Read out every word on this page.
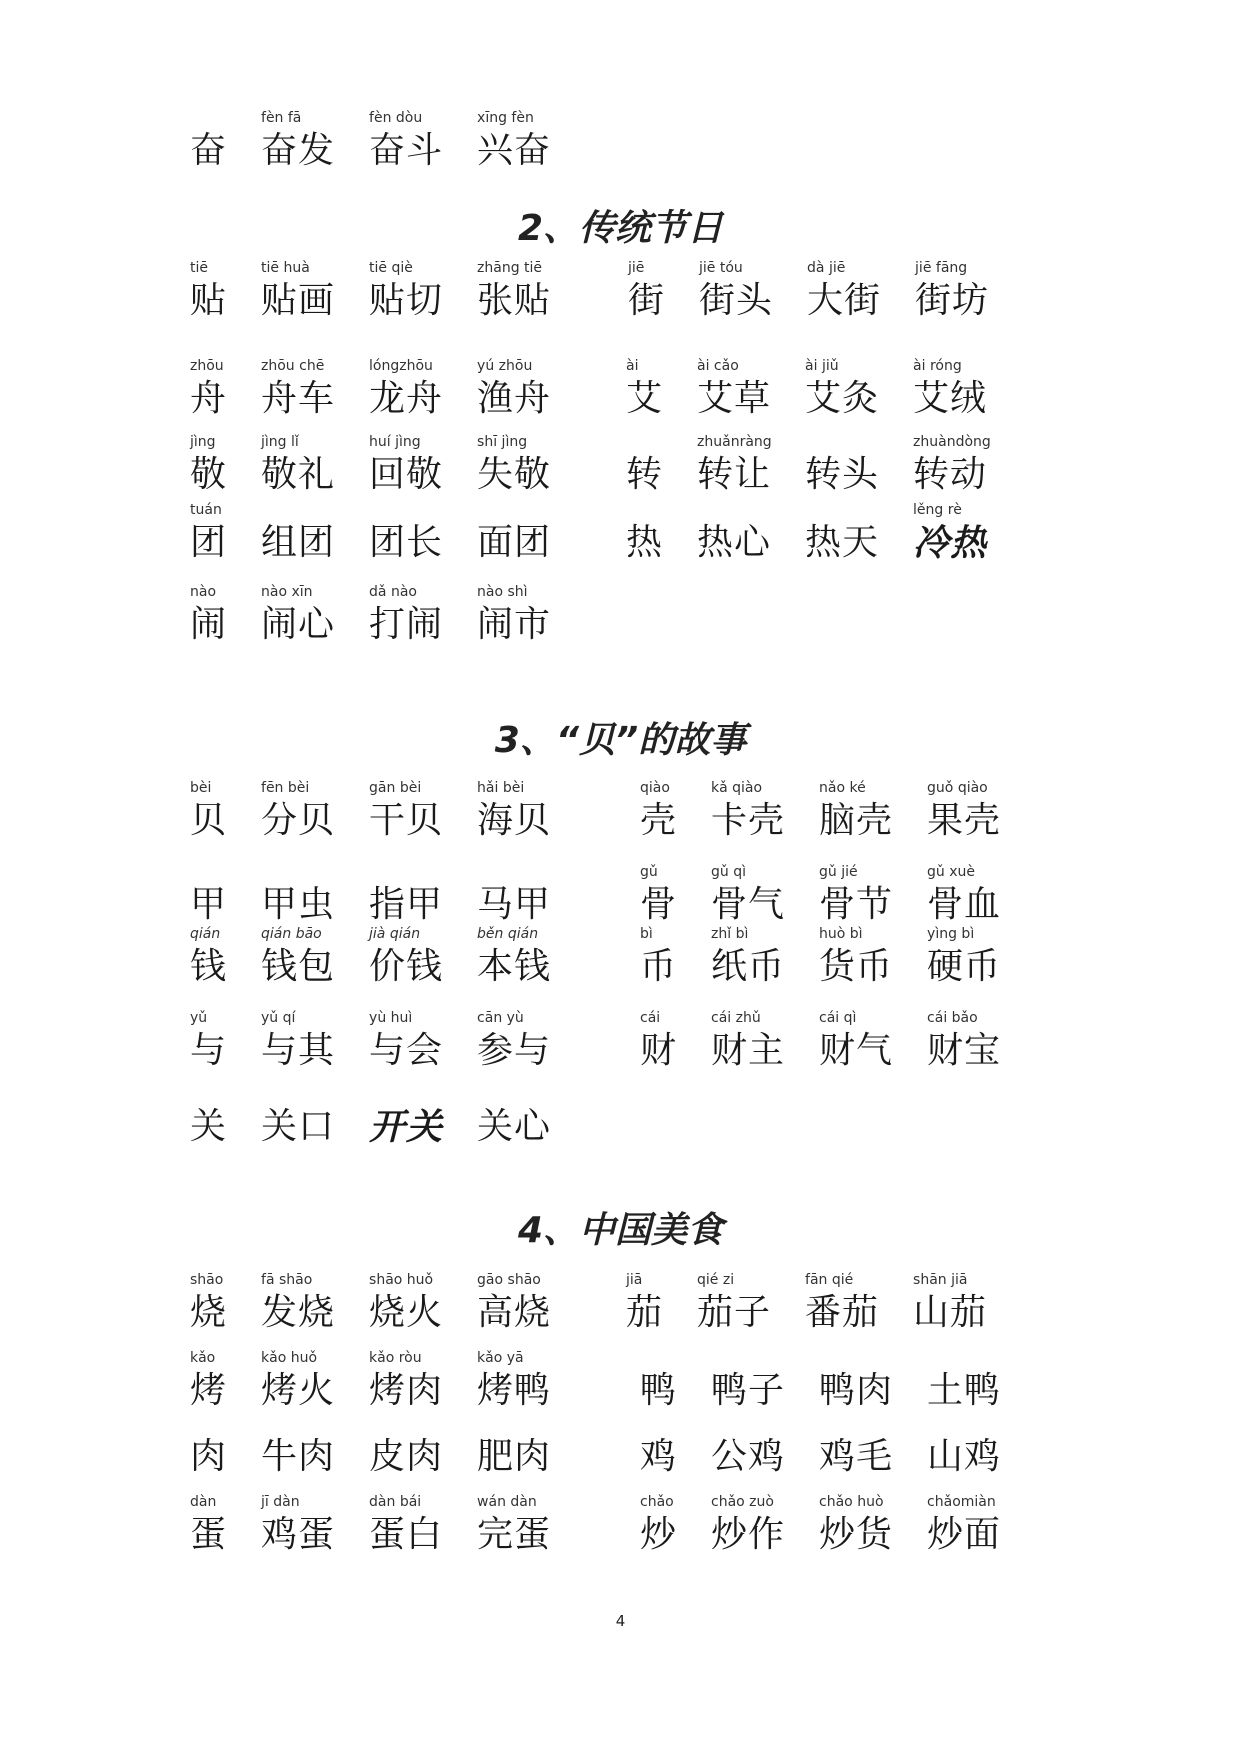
2、传统节日
3、“贝”的故事
4、中国美食
奋
fèn fā
奋发
fèn dòu
奋斗
xīng fèn
兴奋
tiē
贴
tiē huà
贴画
tiē qiè
贴切
zhāng tiē
张贴
jiē
街
jiē tóu
街头
dà jiē
大街
jiē fāng
街坊
zhōu
舟
zhōu chē
舟车
lóngzhōu
龙舟
yú zhōu
渔舟
ài
艾
ài cǎo
艾草
ài jiǔ
艾灸
ài róng
艾绒
jìng
敬
jìng lǐ
敬礼
huí jìng
回敬
shī jìng
失敬 转
zhuǎnràng
转让 转头
zhuàndòng
转动
tuán
团 组团 团长 面团 热 热心 热天
lěng rè
冷热
nào
闹
nào xīn
闹心
dǎ nào
打闹
nào shì
闹市
bèi
贝
fēn bèi
分贝
gān bèi
干贝
hǎi bèi
海贝
qiào
壳
kǎ qiào
卡壳
nǎo ké
脑壳
guǒ qiào
果壳
甲 甲虫 指甲 马甲
gǔ
骨
gǔ qì
骨气
gǔ jié
骨节
gǔ xuè
骨血
qián
钱
qián bāo
钱包
jià qián
价钱
běn qián
本钱
bì
币
zhǐ bì
纸币
huò bì
货币
yìng bì
硬币
yǔ
与
yǔ qí
与其
yù huì
与会
cān yù
参与
cái
财
cái zhǔ
财主
cái qì
财气
cái bǎo
财宝
关 关口 开关 关心
shāo
烧
fā shāo
发烧
shāo huǒ
烧火
gāo shāo
高烧
jiā
茄
qié zi
茄子
fān qié
番茄
shān jiā
山茄
kǎo
烤
kǎo huǒ
烤火
kǎo ròu
烤肉
kǎo yā
烤鸭 鸭 鸭子 鸭肉 土鸭
肉 牛肉 皮肉 肥肉 鸡 公鸡 鸡毛 山鸡
dàn
蛋
jī dàn
鸡蛋
dàn bái
蛋白
wán dàn
完蛋
chǎo
炒
chǎo zuò
炒作
chǎo huò
炒货
chǎomiàn
炒面
4
